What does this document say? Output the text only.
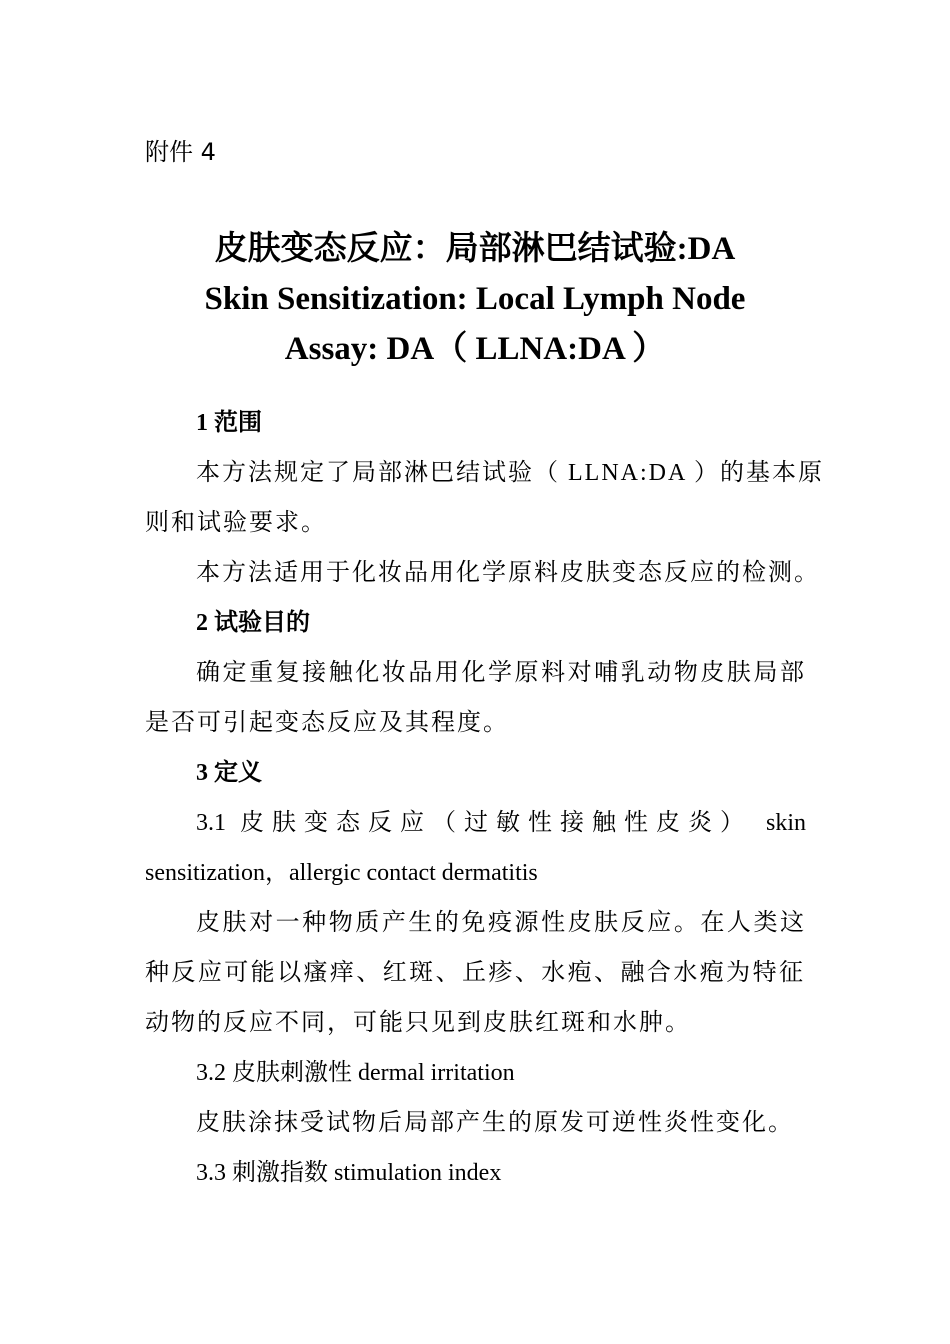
附件 4
皮肤变态反应：局部淋巴结试验:DA
Skin Sensitization: Local Lymph Node
Assay: DA（ LLNA:DA ）
1 范围
本方法规定了局部淋巴结试验（ LLNA:DA ）的基本原
则和试验要求。
本方法适用于化妆品用化学原料皮肤变态反应的检测。
2 试验目的
确定重复接触化妆品用化学原料对哺乳动物皮肤局部
是否可引起变态反应及其程度。
3 定义
3.1 皮肤变态反应（过敏性接触性皮炎） skin
sensitization，allergic contact dermatitis
皮肤对一种物质产生的免疫源性皮肤反应。在人类这
种反应可能以瘙痒、红斑、丘疹、水疱、融合水疱为特征
动物的反应不同，可能只见到皮肤红斑和水肿。
3.2 皮肤刺激性 dermal irritation
皮肤涂抹受试物后局部产生的原发可逆性炎性变化。
3.3 刺激指数 stimulation index
